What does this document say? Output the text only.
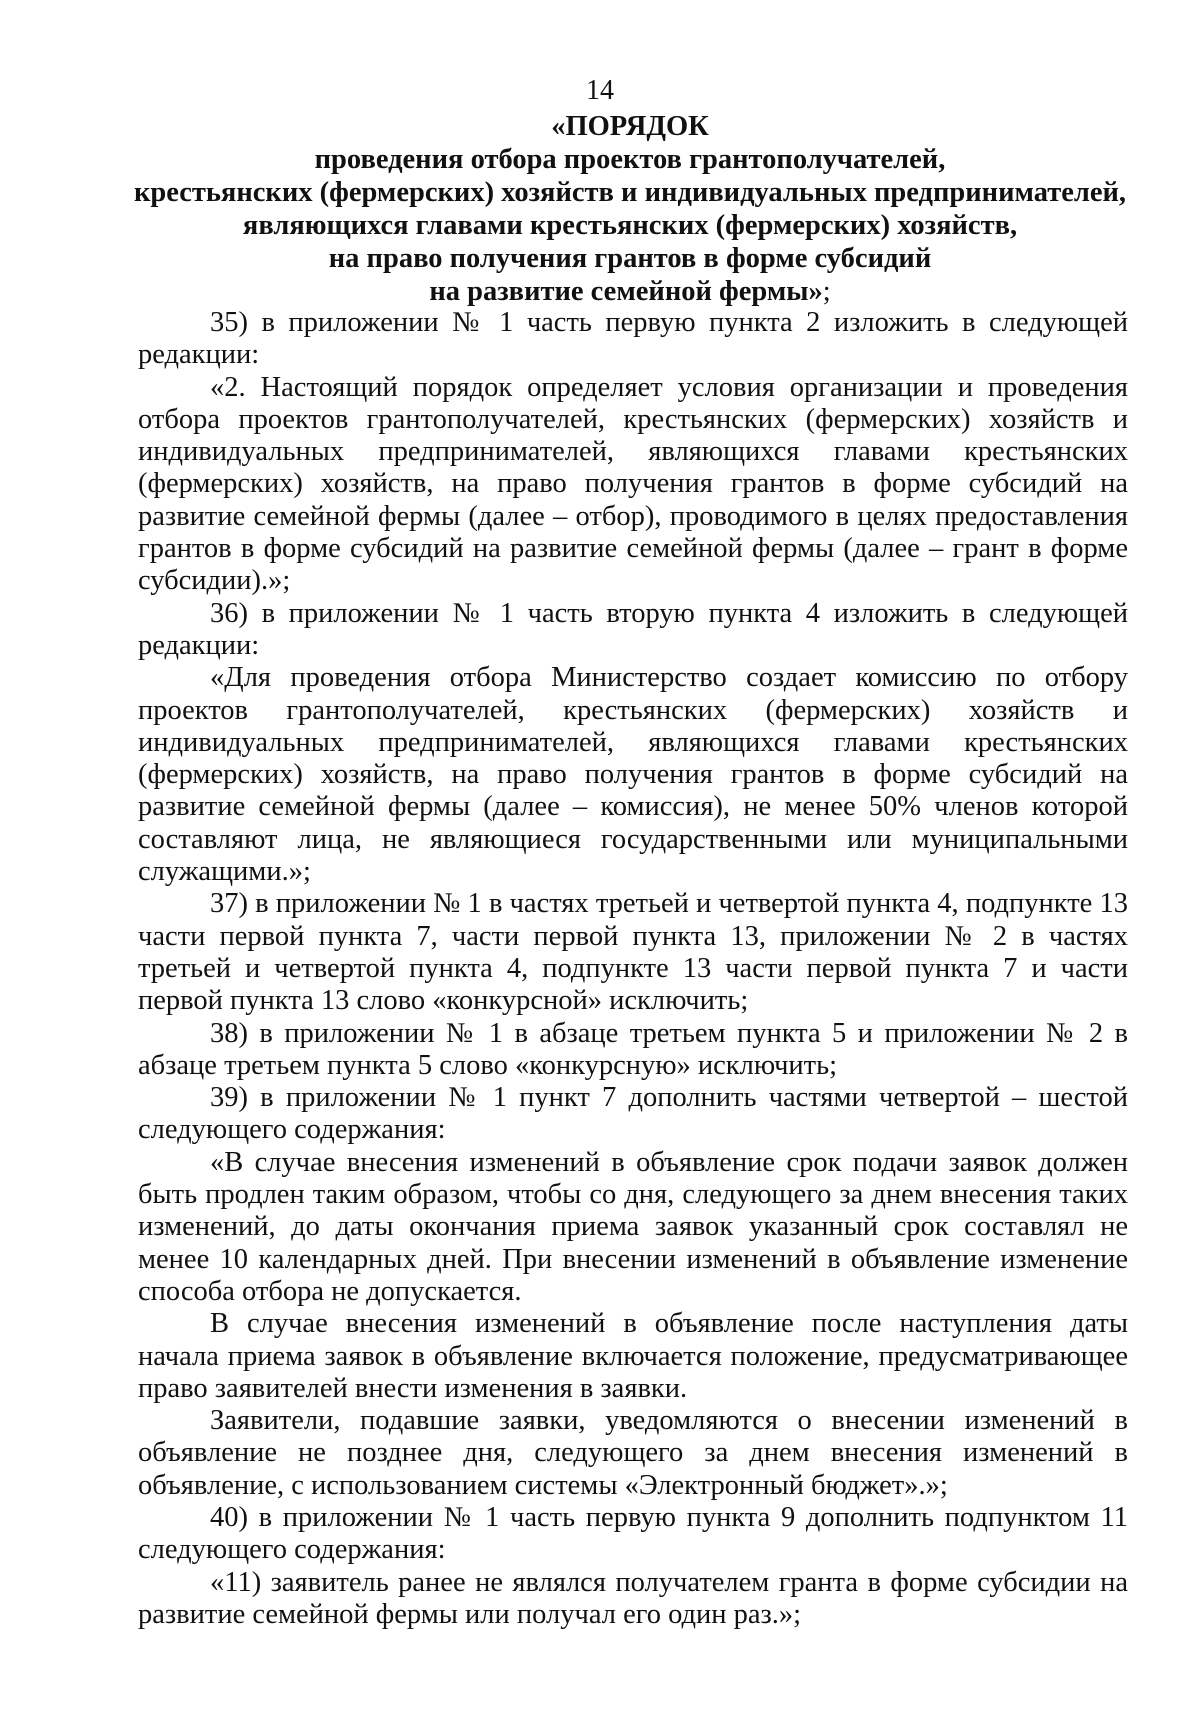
14
«ПОРЯДОК
проведения отбора проектов грантополучателей,
крестьянских (фермерских) хозяйств и индивидуальных предпринимателей,
являющихся главами крестьянских (фермерских) хозяйств,
на право получения грантов в форме субсидий
на развитие семейной фермы»;

35) в приложении № 1 часть первую пункта 2 изложить в следующей редакции:

«2. Настоящий порядок определяет условия организации и проведения отбора проектов грантополучателей, крестьянских (фермерских) хозяйств и индивидуальных предпринимателей, являющихся главами крестьянских (фермерских) хозяйств, на право получения грантов в форме субсидий на развитие семейной фермы (далее – отбор), проводимого в целях предоставления грантов в форме субсидий на развитие семейной фермы (далее – грант в форме субсидии).»;

36) в приложении № 1 часть вторую пункта 4 изложить в следующей редакции:

«Для проведения отбора Министерство создает комиссию по отбору проектов грантополучателей, крестьянских (фермерских) хозяйств и индивидуальных предпринимателей, являющихся главами крестьянских (фермерских) хозяйств, на право получения грантов в форме субсидий на развитие семейной фермы (далее – комиссия), не менее 50% членов которой составляют лица, не являющиеся государственными или муниципальными служащими.»;

37) в приложении № 1 в частях третьей и четвертой пункта 4, подпункте 13 части первой пункта 7, части первой пункта 13, приложении № 2 в частях третьей и четвертой пункта 4, подпункте 13 части первой пункта 7 и части первой пункта 13 слово «конкурсной» исключить;

38) в приложении № 1 в абзаце третьем пункта 5 и приложении № 2 в абзаце третьем пункта 5 слово «конкурсную» исключить;

39) в приложении № 1 пункт 7 дополнить частями четвертой – шестой следующего содержания:

«В случае внесения изменений в объявление срок подачи заявок должен быть продлен таким образом, чтобы со дня, следующего за днем внесения таких изменений, до даты окончания приема заявок указанный срок составлял не менее 10 календарных дней. При внесении изменений в объявление изменение способа отбора не допускается.

В случае внесения изменений в объявление после наступления даты начала приема заявок в объявление включается положение, предусматривающее право заявителей внести изменения в заявки.

Заявители, подавшие заявки, уведомляются о внесении изменений в объявление не позднее дня, следующего за днем внесения изменений в объявление, с использованием системы «Электронный бюджет».»;

40) в приложении № 1 часть первую пункта 9 дополнить подпунктом 11 следующего содержания:

«11) заявитель ранее не являлся получателем гранта в форме субсидии на развитие семейной фермы или получал его один раз.»;
